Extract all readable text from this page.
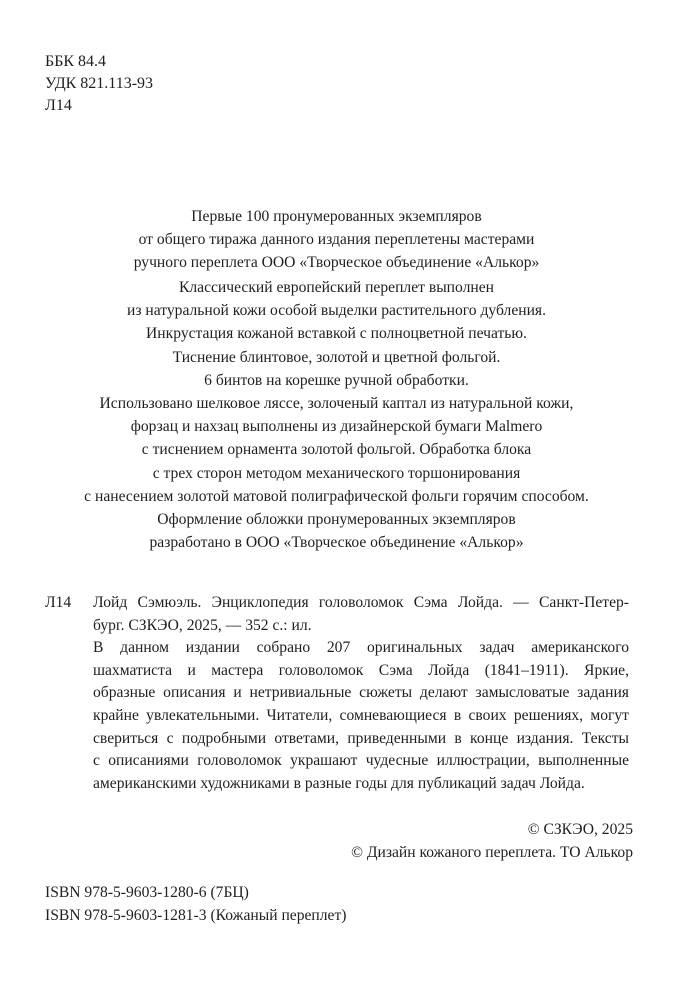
ББК 84.4
УДК 821.113-93
Л14
Первые 100 пронумерованных экземпляров
от общего тиража данного издания переплетены мастерами
ручного переплета ООО «Творческое объединение «Алькор»
Классический европейский переплет выполнен
из натуральной кожи особой выделки растительного дубления.
Инкрустация кожаной вставкой с полноцветной печатью.
Тиснение блинтовое, золотой и цветной фольгой.
6 бинтов на корешке ручной обработки.
Использовано шелковое ляссе, золоченый каптал из натуральной кожи,
форзац и нахзац выполнены из дизайнерской бумаги Malmero
с тиснением орнамента золотой фольгой. Обработка блока
с трех сторон методом механического торшонирования
с нанесением золотой матовой полиграфической фольги горячим способом.
Оформление обложки пронумерованных экземпляров
разработано в ООО «Творческое объединение «Алькор»
Л14 Лойд Сэмюэль. Энциклопедия головоломок Сэма Лойда. — Санкт-Петер-
бург. СЗКЭО, 2025, — 352 с.: ил.
В данном издании собрано 207 оригинальных задач американского
шахматиста и мастера головоломок Сэма Лойда (1841–1911). Яркие,
образные описания и нетривиальные сюжеты делают замысловатые задания
крайне увлекательными. Читатели, сомневающиеся в своих решениях, могут
свериться с подробными ответами, приведенными в конце издания. Тексты
с описаниями головоломок украшают чудесные иллюстрации, выполненные
американскими художниками в разные годы для публикаций задач Лойда.
© СЗКЭО, 2025
© Дизайн кожаного переплета. ТО Алькор
ISBN 978-5-9603-1280-6 (7БЦ)
ISBN 978-5-9603-1281-3 (Кожаный переплет)
